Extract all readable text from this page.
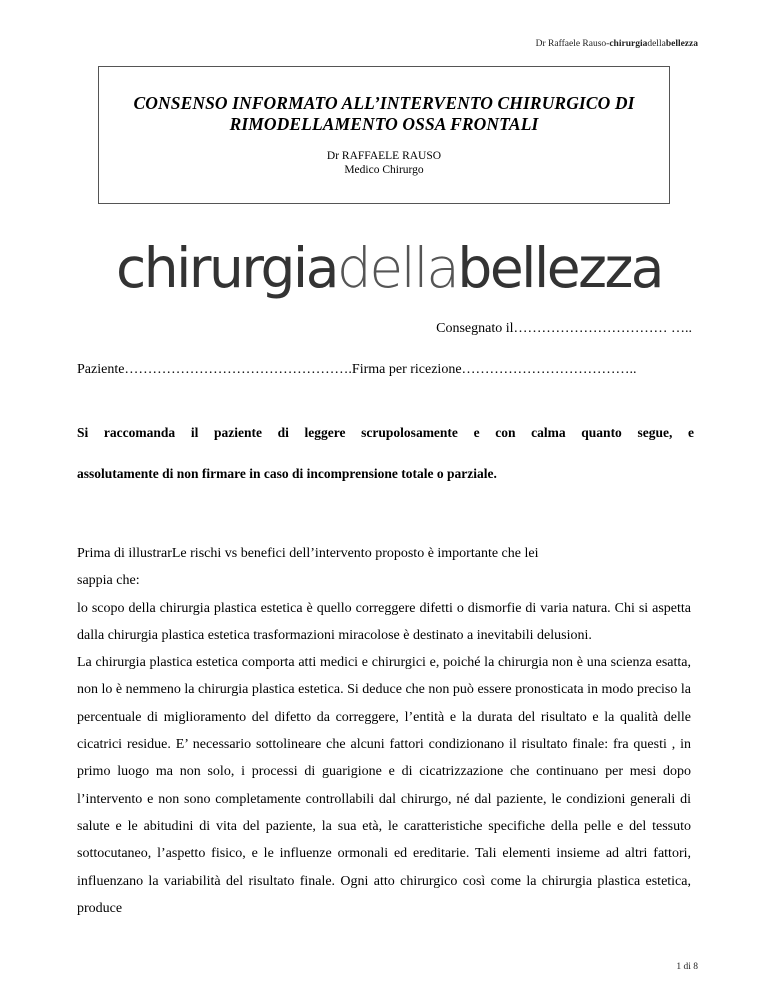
Dr Raffaele Rauso-chirurgiadellabellezza
CONSENSO INFORMATO ALL’INTERVENTO CHIRURGICO DI
RIMODELLAMENTO OSSA FRONTALI
Dr RAFFAELE RAUSO
Medico Chirurgo
chirurgiadellabellezza
Consegnato il…………………………… …..
Paziente………………………………………….Firma per ricezione………………………………..
Si raccomanda il paziente di leggere scrupolosamente e con calma quanto segue, e
assolutamente di non firmare in caso di incomprensione totale o parziale.

Prima di illustrarLe rischi vs benefici dell’intervento proposto è importante che lei

sappia che:

lo scopo della chirurgia plastica estetica è quello correggere difetti o dismorfie di varia natura. Chi si aspetta dalla chirurgia plastica estetica trasformazioni miracolose è destinato a inevitabili delusioni.

La chirurgia plastica estetica comporta atti medici e chirurgici e, poiché la chirurgia non è una scienza esatta, non lo è nemmeno la chirurgia plastica estetica. Si deduce che non può essere pronosticata in modo preciso la percentuale di miglioramento del difetto da correggere, l’entità e la durata del risultato e la qualità delle cicatrici residue. E’ necessario sottolineare che alcuni fattori condizionano il risultato finale: fra questi , in primo luogo ma non solo, i processi di guarigione e di cicatrizzazione che continuano per mesi dopo l’intervento e non sono completamente controllabili dal chirurgo, né dal paziente, le condizioni generali di salute e le abitudini di vita del paziente, la sua età, le caratteristiche specifiche della pelle e del tessuto sottocutaneo, l’aspetto fisico, e le influenze ormonali ed ereditarie. Tali elementi insieme ad altri fattori, influenzano la variabilità del risultato finale. Ogni atto chirurgico così come la chirurgia plastica estetica, produce

1 di 8
